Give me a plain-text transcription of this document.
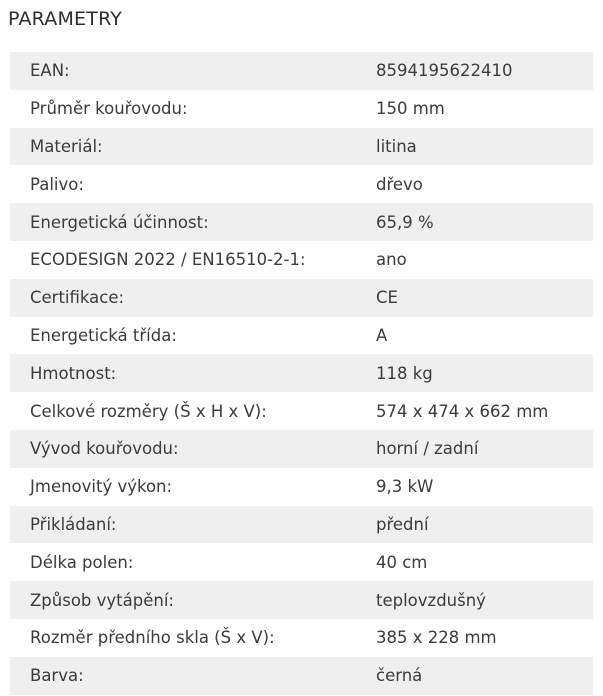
PARAMETRY
EAN:	8594195622410
Průměr kouřovodu:	150 mm
Materiál:	litina
Palivo:	dřevo
Energetická účinnost:	65,9 %
ECODESIGN 2022 / EN16510-2-1:	ano
Certifikace:	CE
Energetická třída:	A
Hmotnost:	118 kg
Celkové rozměry (Š x H x V):	574 x 474 x 662 mm
Vývod kouřovodu:	horní / zadní
Jmenovitý výkon:	9,3 kW
Přikládaní:	přední
Délka polen:	40 cm
Způsob vytápění:	teplovzdušný
Rozměr předního skla (Š x V):	385 x 228 mm
Barva:	černá
